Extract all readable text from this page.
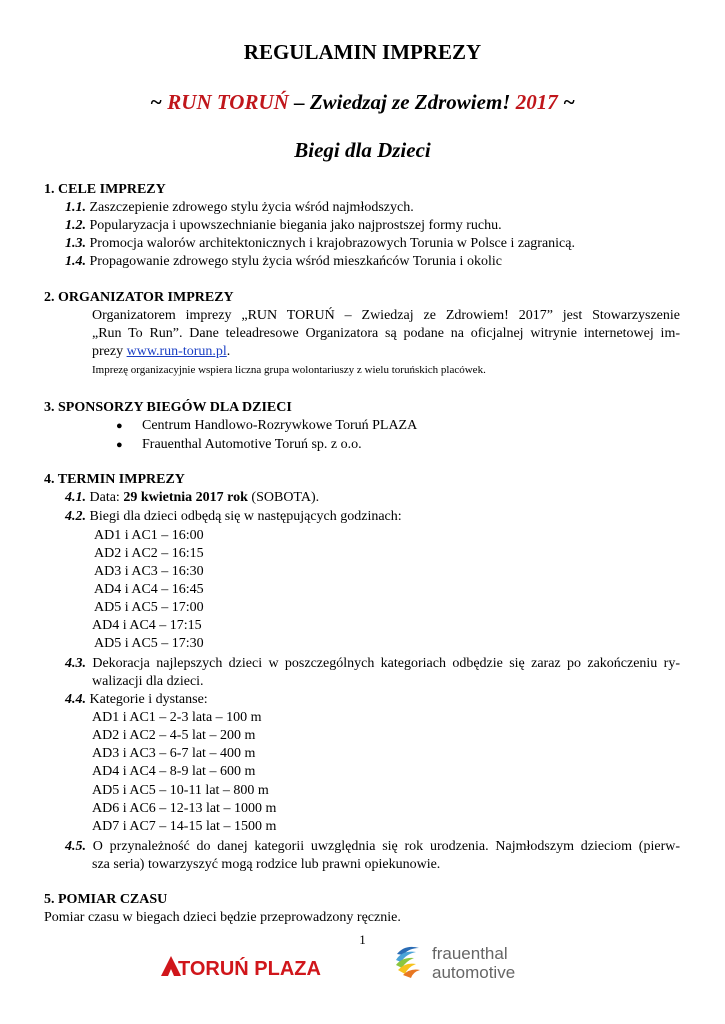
REGULAMIN IMPREZY
~ RUN TORUŃ – Zwiedzaj ze Zdrowiem! 2017 ~
Biegi dla Dzieci
1. CELE IMPREZY
1.1. Zaszczepienie zdrowego stylu życia wśród najmłodszych.
1.2. Popularyzacja i upowszechnianie biegania jako najprostszej formy ruchu.
1.3. Promocja walorów architektonicznych i krajobrazowych Torunia w Polsce i zagranicą.
1.4. Propagowanie zdrowego stylu życia wśród mieszkańców Torunia i okolic
2. ORGANIZATOR IMPREZY
Organizatorem imprezy „RUN TORUŃ – Zwiedzaj ze Zdrowiem! 2017” jest Stowarzyszenie
„Run To Run”. Dane teleadresowe Organizatora są podane na oficjalnej witrynie internetowej im-
prezy www.run-torun.pl.
Imprezę organizacyjnie wspiera liczna grupa wolontariuszy z wielu toruńskich placówek.
3. SPONSORZY BIEGÓW DLA DZIECI
● Centrum Handlowo-Rozrywkowe Toruń PLAZA
● Frauenthal Automotive Toruń sp. z o.o.
4. TERMIN IMPREZY
4.1. Data: 29 kwietnia 2017 rok (SOBOTA).
4.2. Biegi dla dzieci odbędą się w następujących godzinach:
AD1 i AC1 – 16:00
AD2 i AC2 – 16:15
AD3 i AC3 – 16:30
AD4 i AC4 – 16:45
AD5 i AC5 – 17:00
AD4 i AC4 – 17:15
AD5 i AC5 – 17:30
4.3. Dekoracja najlepszych dzieci w poszczególnych kategoriach odbędzie się zaraz po zakończeniu ry-
walizacji dla dzieci.
4.4. Kategorie i dystanse:
AD1 i AC1 – 2-3 lata – 100 m
AD2 i AC2 – 4-5 lat – 200 m
AD3 i AC3 – 6-7 lat – 400 m
AD4 i AC4 – 8-9 lat – 600 m
AD5 i AC5 – 10-11 lat – 800 m
AD6 i AC6 – 12-13 lat – 1000 m
AD7 i AC7 – 14-15 lat – 1500 m
4.5. O przynależność do danej kategorii uwzględnia się rok urodzenia. Najmłodszym dzieciom (pierw-
sza seria) towarzyszyć mogą rodzice lub prawni opiekunowie.
5. POMIAR CZASU
Pomiar czasu w biegach dzieci będzie przeprowadzony ręcznie.
1
TORUŃ PLAZA
frauenthal
automotive
